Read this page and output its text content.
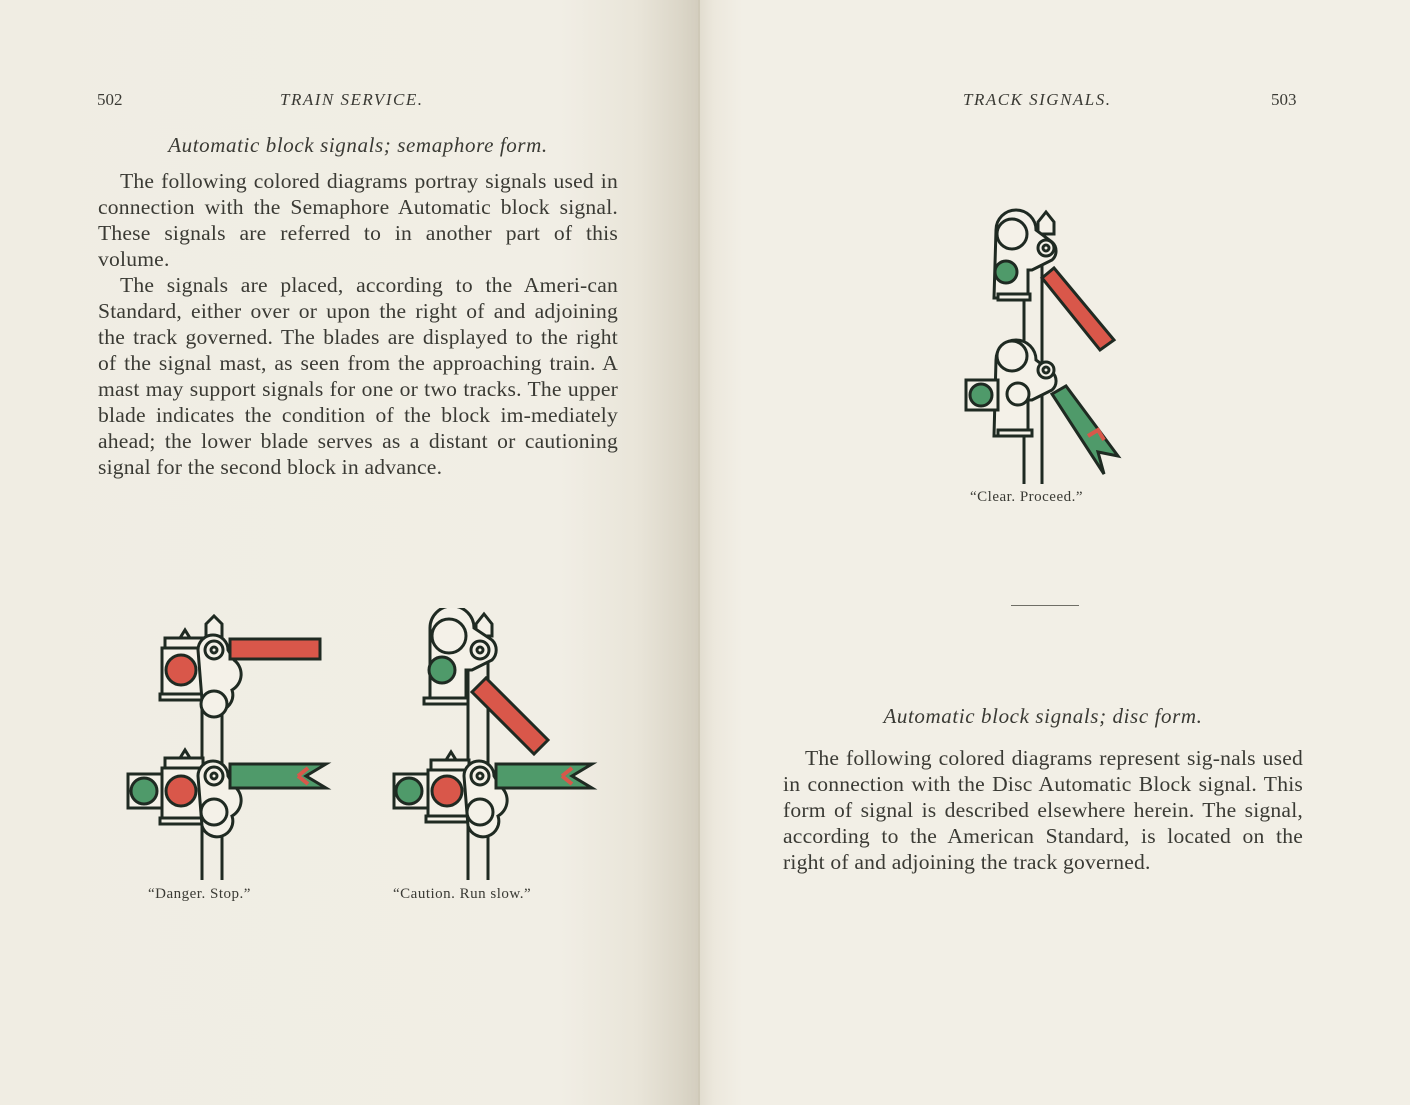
502	TRAIN SERVICE.
Automatic block signals; semaphore form.

The following colored diagrams portray signals used in connection with the Semaphore Automatic block signal. These signals are referred to in another part of this volume.

The signals are placed, according to the Ameri-can Standard, either over or upon the right of and adjoining the track governed. The blades are displayed to the right of the signal mast, as seen from the approaching train. A mast may support signals for one or two tracks. The upper blade indicates the condition of the block im-mediately ahead; the lower blade serves as a distant or cautioning signal for the second block in advance.

“Danger. Stop.”	“Caution. Run slow.”
TRACK SIGNALS.	503
“Clear. Proceed.”
Automatic block signals; disc form.

The following colored diagrams represent sig-nals used in connection with the Disc Automatic Block signal. This form of signal is described elsewhere herein. The signal, according to the American Standard, is located on the right of and adjoining the track governed.
